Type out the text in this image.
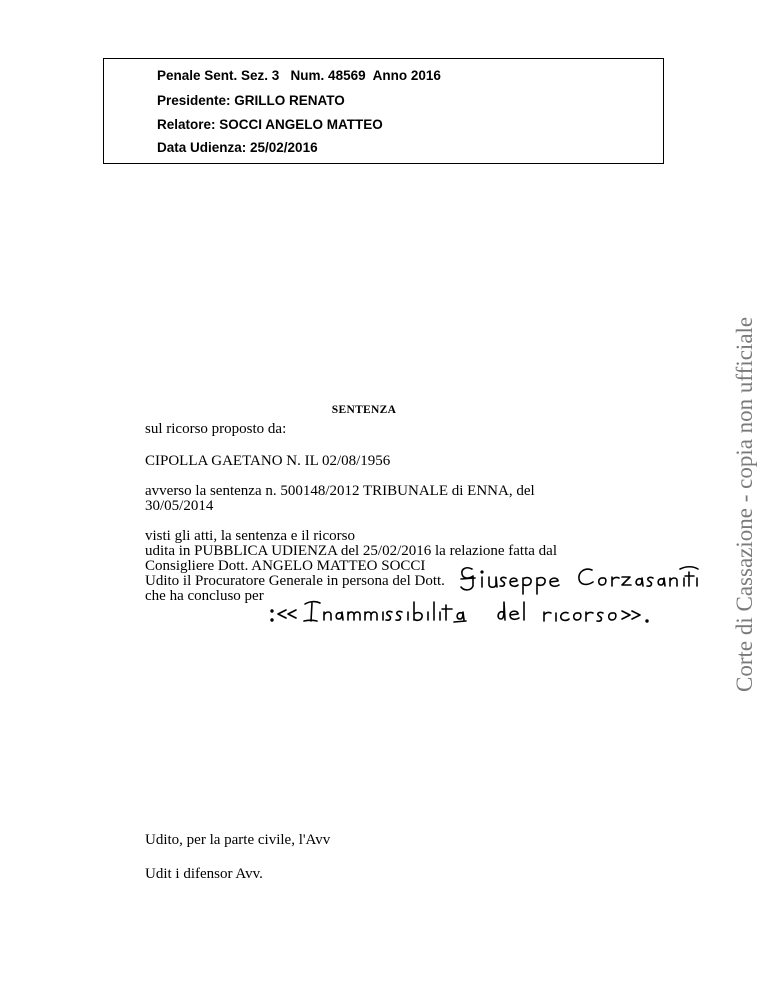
Penale Sent. Sez. 3   Num. 48569  Anno 2016
Presidente: GRILLO RENATO
Relatore: SOCCI ANGELO MATTEO
Data Udienza: 25/02/2016
Corte di Cassazione - copia non ufficiale
SENTENZA
sul ricorso proposto da:
CIPOLLA GAETANO N. IL 02/08/1956
avverso la sentenza n. 500148/2012 TRIBUNALE di ENNA, del
30/05/2014
visti gli atti, la sentenza e il ricorso
udita in PUBBLICA UDIENZA del 25/02/2016 la relazione fatta dal
Consigliere Dott. ANGELO MATTEO SOCCI
Udito il Procuratore Generale in persona del Dott.
che ha concluso per
Udito, per la parte civile, l'Avv
Udit i difensor Avv.
